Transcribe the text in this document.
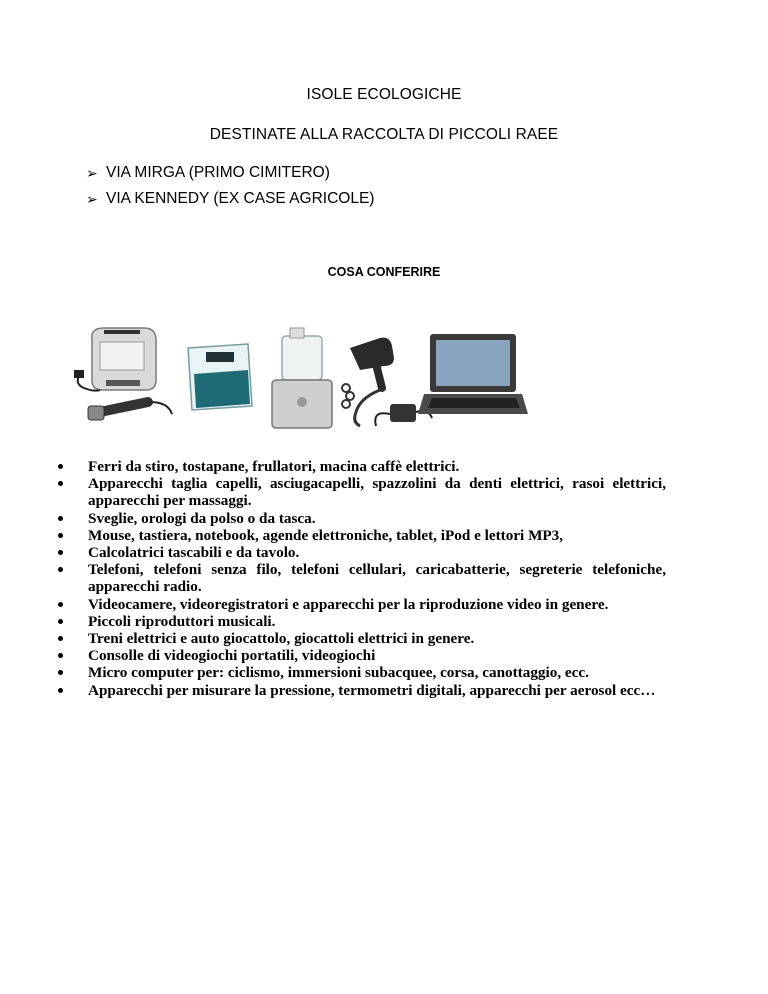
ISOLE ECOLOGICHE
DESTINATE ALLA RACCOLTA DI PICCOLI RAEE
➢ VIA MIRGA (PRIMO CIMITERO)
➢ VIA KENNEDY (EX CASE AGRICOLE)
COSA CONFERIRE
Ferri da stiro, tostapane, frullatori, macina caffè elettrici.
Apparecchi taglia capelli, asciugacapelli, spazzolini da denti elettrici, rasoi elettrici, apparecchi per massaggi.
Sveglie, orologi da polso o da tasca.
Mouse, tastiera, notebook, agende elettroniche, tablet, iPod e lettori MP3,
Calcolatrici tascabili e da tavolo.
Telefoni, telefoni senza filo, telefoni cellulari, caricabatterie, segreterie telefoniche, apparecchi radio.
Videocamere, videoregistratori e apparecchi per la riproduzione video in genere.
Piccoli riproduttori musicali.
Treni elettrici e auto giocattolo, giocattoli elettrici in genere.
Consolle di videogiochi portatili, videogiochi
Micro computer per: ciclismo, immersioni subacquee, corsa, canottaggio, ecc.
Apparecchi per misurare la pressione, termometri digitali, apparecchi per aerosol ecc…
